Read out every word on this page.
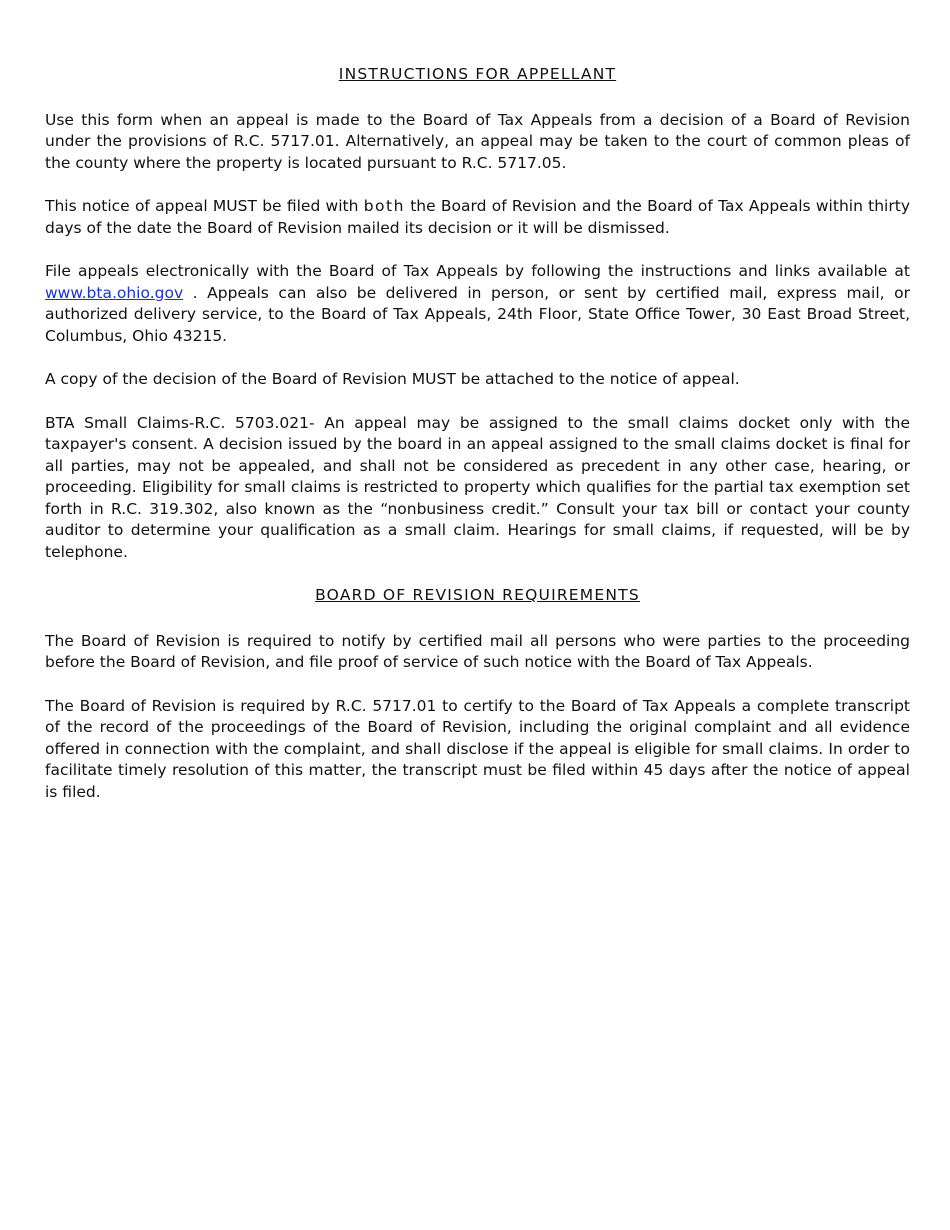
INSTRUCTIONS FOR APPELLANT

Use this form when an appeal is made to the Board of Tax Appeals from a decision of a Board of Revision under the provisions of R.C. 5717.01. Alternatively, an appeal may be taken to the court of common pleas of the county where the property is located pursuant to R.C. 5717.05.

This notice of appeal MUST be filed with both the Board of Revision and the Board of Tax Appeals within thirty days of the date the Board of Revision mailed its decision or it will be dismissed.

File appeals electronically with the Board of Tax Appeals by following the instructions and links available at www.bta.ohio.gov . Appeals can also be delivered in person, or sent by certified mail, express mail, or authorized delivery service, to the Board of Tax Appeals, 24th Floor, State Office Tower, 30 East Broad Street, Columbus, Ohio 43215.

A copy of the decision of the Board of Revision MUST be attached to the notice of appeal.

BTA Small Claims-R.C. 5703.021- An appeal may be assigned to the small claims docket only with the taxpayer's consent. A decision issued by the board in an appeal assigned to the small claims docket is final for all parties, may not be appealed, and shall not be considered as precedent in any other case, hearing, or proceeding. Eligibility for small claims is restricted to property which qualifies for the partial tax exemption set forth in R.C. 319.302, also known as the “nonbusiness credit.” Consult your tax bill or contact your county auditor to determine your qualification as a small claim. Hearings for small claims, if requested, will be by telephone.

BOARD OF REVISION REQUIREMENTS

The Board of Revision is required to notify by certified mail all persons who were parties to the proceeding before the Board of Revision, and file proof of service of such notice with the Board of Tax Appeals.

The Board of Revision is required by R.C. 5717.01 to certify to the Board of Tax Appeals a complete transcript of the record of the proceedings of the Board of Revision, including the original complaint and all evidence offered in connection with the complaint, and shall disclose if the appeal is eligible for small claims. In order to facilitate timely resolution of this matter, the transcript must be filed within 45 days after the notice of appeal is filed.
